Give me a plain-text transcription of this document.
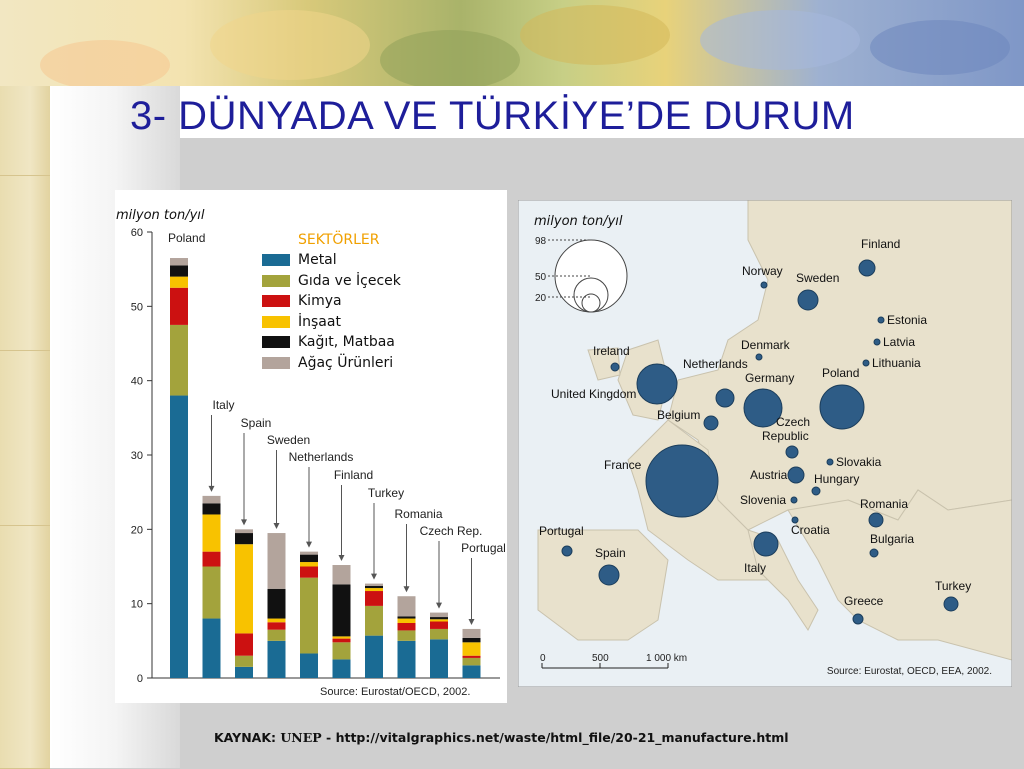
3- DÜNYADA VE TÜRKİYE’DE DURUM
0
10
20
30
40
50
60 Poland
Italy
Spain
Sweden
Netherlands
Finland
Turkey
Romania
Czech Rep.
Portugal
Source: Eurostat/OECD, 2002.
milyon ton/yıl
SEKTÖRLER
Metal
Gıda ve İçecek
Kimya
İnşaat
Kağıt, Matbaa
Ağaç Ürünleri
98
50
20
Finland
Norway Sweden
Estonia
Latvia
Lithuania
Denmark
Ireland
Netherlands
Germany Poland
United Kingdom
Belgium	Czech
Republic
France
Austria
Slovakia
Hungary
Slovenia
Croatia
Romania
Bulgaria
Portugal
Spain
Italy
Greece
Turkey
0	500	1 000 km
Source: Eurostat, OECD, EEA, 2002.
milyon ton/yıl
KAYNAK: UNEP - http://vitalgraphics.net/waste/html_file/20-21_manufacture.html
